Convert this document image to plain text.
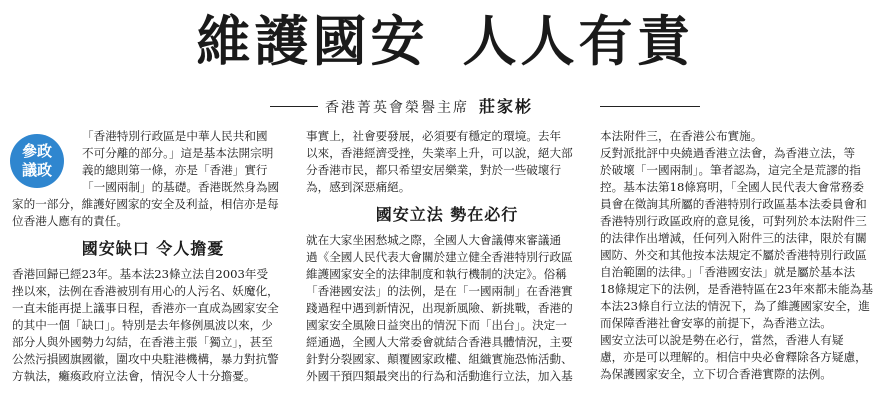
維護國安 人人有責
香港菁英會榮譽主席 莊家彬
參政
議政

「香港特別行政區是中華人民共和國

不可分離的部分。」這是基本法開宗明

義的總則第一條，亦是「香港」實行

「一國兩制」的基礎。香港既然身為國

家的一部分，維護好國家的安全及利益，相信亦是每

位香港人應有的責任。

國安缺口 令人擔憂

香港回歸已經23年。基本法23條立法自2003年受

挫以來，法例在香港被別有用心的人污名、妖魔化，

一直未能再提上議事日程，香港亦一直成為國家安全

的其中一個「缺口」。特別是去年修例風波以來，少

部分人與外國勢力勾結，在香港主張「獨立」，甚至

公然污損國旗國徽，圍攻中央駐港機構，暴力對抗警

方執法，癱瘓政府立法會，情況令人十分擔憂。

事實上，社會要發展，必須要有穩定的環境。去年

以來，香港經濟受挫，失業率上升，可以說，絕大部

分香港市民，都只希望安居樂業，對於一些破壞行

為，感到深惡痛絕。

國安立法 勢在必行

就在大家坐困愁城之際，全國人大會議傳來審議通

過《全國人民代表大會關於建立健全香港特別行政區

維護國家安全的法律制度和執行機制的決定》。俗稱

「香港國安法」的法例，是在「一國兩制」在香港實

踐過程中遇到新情況，出現新風險、新挑戰，香港的

國家安全風險日益突出的情況下而「出台」。決定一

經通過，全國人大常委會就結合香港具體情況，主要

針對分裂國家、顛覆國家政權、組織實施恐怖活動、

外國干預四類最突出的行為和活動進行立法，加入基

本法附件三，在香港公布實施。

反對派批評中央繞過香港立法會，為香港立法，等

於破壞「一國兩制」。筆者認為，這完全是荒謬的指

控。基本法第18條寫明，「全國人民代表大會常務委

員會在徵詢其所屬的香港特別行政區基本法委員會和

香港特別行政區政府的意見後，可對列於本法附件三

的法律作出增減，任何列入附件三的法律，限於有關

國防、外交和其他按本法規定不屬於香港特別行政區

自治範圍的法律。」「香港國安法」就是屬於基本法

18條規定下的法例，是香港特區在23年來都未能為基

本法23條自行立法的情況下，為了維護國家安全，進

而保障香港社會安寧的前提下，為香港立法。

國安立法可以說是勢在必行，當然，香港人有疑

慮，亦是可以理解的。相信中央必會釋除各方疑慮，

為保護國家安全，立下切合香港實際的法例。
